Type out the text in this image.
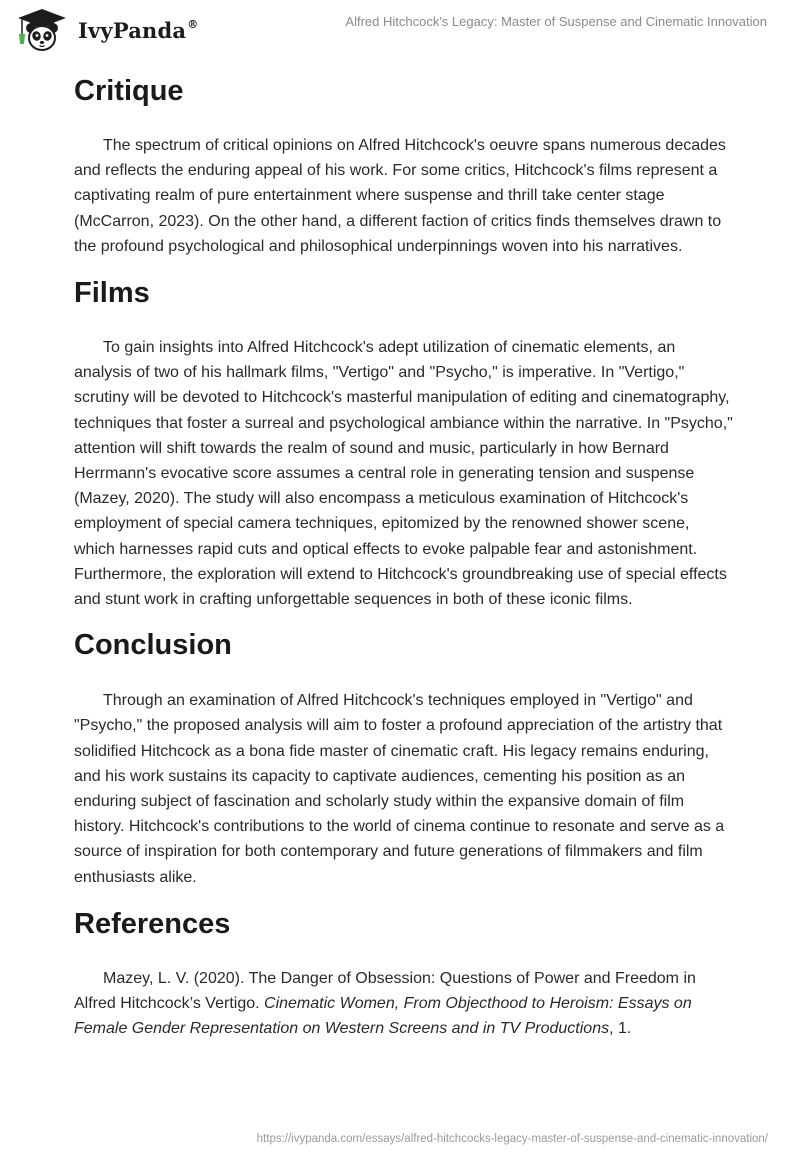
IvyPanda®	Alfred Hitchcock's Legacy: Master of Suspense and Cinematic Innovation
Critique

The spectrum of critical opinions on Alfred Hitchcock's oeuvre spans numerous decades and reflects the enduring appeal of his work. For some critics, Hitchcock's films represent a captivating realm of pure entertainment where suspense and thrill take center stage (McCarron, 2023). On the other hand, a different faction of critics finds themselves drawn to the profound psychological and philosophical underpinnings woven into his narratives.

Films

To gain insights into Alfred Hitchcock's adept utilization of cinematic elements, an analysis of two of his hallmark films, "Vertigo" and "Psycho," is imperative. In "Vertigo," scrutiny will be devoted to Hitchcock's masterful manipulation of editing and cinematography, techniques that foster a surreal and psychological ambiance within the narrative. In "Psycho," attention will shift towards the realm of sound and music, particularly in how Bernard Herrmann's evocative score assumes a central role in generating tension and suspense (Mazey, 2020). The study will also encompass a meticulous examination of Hitchcock's employment of special camera techniques, epitomized by the renowned shower scene, which harnesses rapid cuts and optical effects to evoke palpable fear and astonishment. Furthermore, the exploration will extend to Hitchcock's groundbreaking use of special effects and stunt work in crafting unforgettable sequences in both of these iconic films.

Conclusion

Through an examination of Alfred Hitchcock's techniques employed in "Vertigo" and "Psycho," the proposed analysis will aim to foster a profound appreciation of the artistry that solidified Hitchcock as a bona fide master of cinematic craft. His legacy remains enduring, and his work sustains its capacity to captivate audiences, cementing his position as an enduring subject of fascination and scholarly study within the expansive domain of film history. Hitchcock's contributions to the world of cinema continue to resonate and serve as a source of inspiration for both contemporary and future generations of filmmakers and film enthusiasts alike.

References

Mazey, L. V. (2020). The Danger of Obsession: Questions of Power and Freedom in Alfred Hitchcock’s Vertigo. Cinematic Women, From Objecthood to Heroism: Essays on Female Gender Representation on Western Screens and in TV Productions, 1.

https://ivypanda.com/essays/alfred-hitchcocks-legacy-master-of-suspense-and-cinematic-innovation/
